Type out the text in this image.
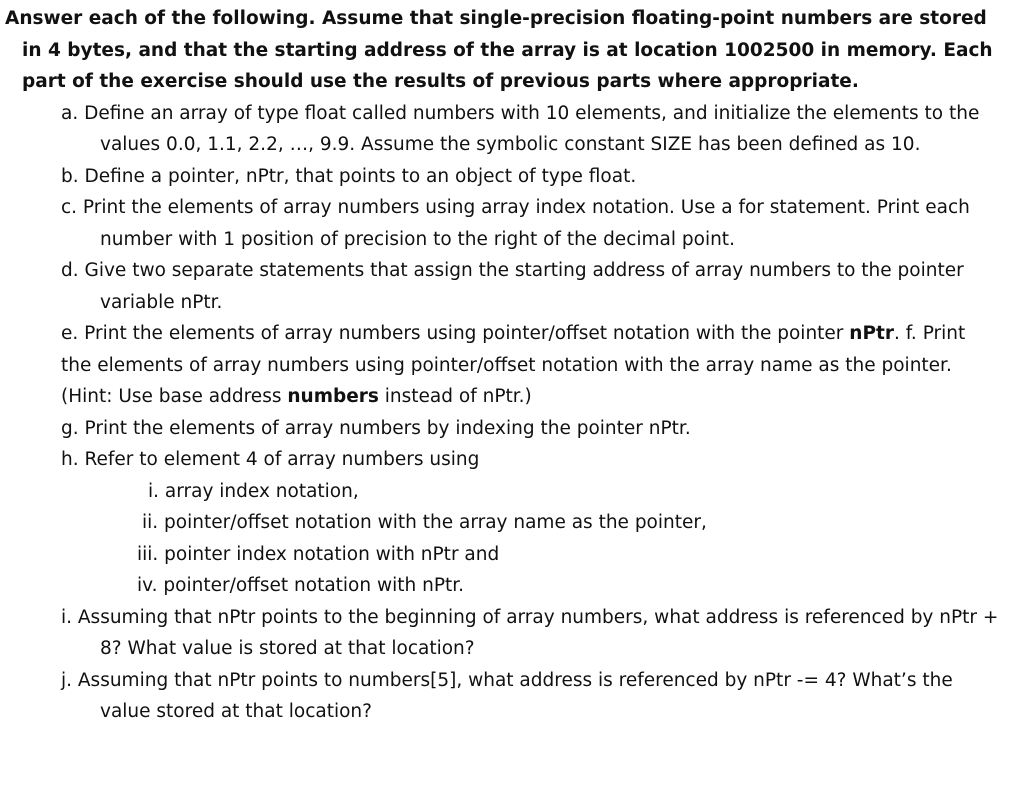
Answer each of the following. Assume that single-precision floating-point numbers are stored in 4 bytes, and that the starting address of the array is at location 1002500 in memory. Each part of the exercise should use the results of previous parts where appropriate.

a. Define an array of type float called numbers with 10 elements, and initialize the elements to the values 0.0, 1.1, 2.2, …, 9.9. Assume the symbolic constant SIZE has been defined as 10.

b. Define a pointer, nPtr, that points to an object of type float.

c. Print the elements of array numbers using array index notation. Use a for statement. Print each number with 1 position of precision to the right of the decimal point.

d. Give two separate statements that assign the starting address of array numbers to the pointer variable nPtr.

e. Print the elements of array numbers using pointer/offset notation with the pointer nPtr. f. Print the elements of array numbers using pointer/offset notation with the array name as the pointer. (Hint: Use base address numbers instead of nPtr.)

g. Print the elements of array numbers by indexing the pointer nPtr.

h. Refer to element 4 of array numbers using

i. array index notation,

ii. pointer/offset notation with the array name as the pointer,

iii. pointer index notation with nPtr and

iv. pointer/offset notation with nPtr.

i. Assuming that nPtr points to the beginning of array numbers, what address is referenced by nPtr + 8? What value is stored at that location?

j. Assuming that nPtr points to numbers[5], what address is referenced by nPtr -= 4? What’s the value stored at that location?
